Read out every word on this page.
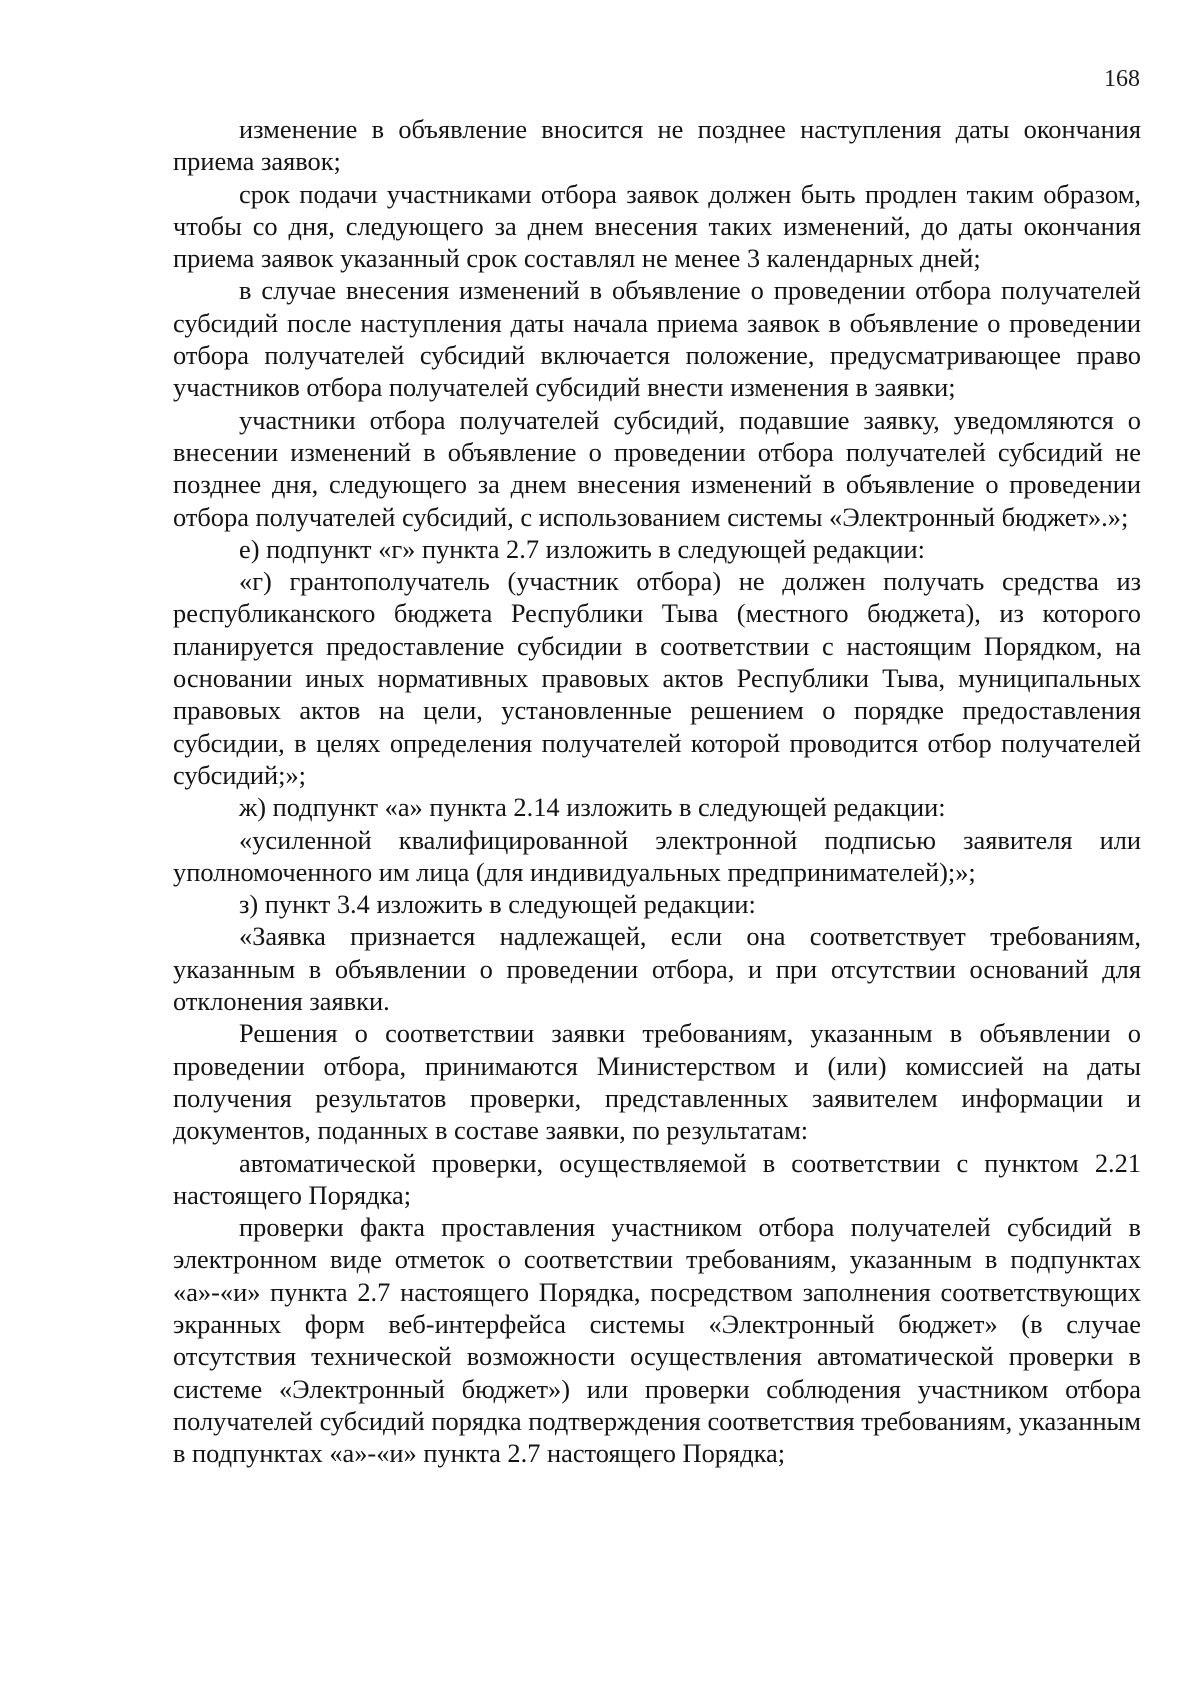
168

изменение в объявление вносится не позднее наступления даты окончания приема заявок;

срок подачи участниками отбора заявок должен быть продлен таким образом, чтобы со дня, следующего за днем внесения таких изменений, до даты окончания приема заявок указанный срок составлял не менее 3 календарных дней;

в случае внесения изменений в объявление о проведении отбора получателей субсидий после наступления даты начала приема заявок в объявление о проведении отбора получателей субсидий включается положение, предусматривающее право участников отбора получателей субсидий внести изменения в заявки;

участники отбора получателей субсидий, подавшие заявку, уведомляются о внесении изменений в объявление о проведении отбора получателей субсидий не позднее дня, следующего за днем внесения изменений в объявление о проведении отбора получателей субсидий, с использованием системы «Электронный бюджет».»;

е) подпункт «г» пункта 2.7 изложить в следующей редакции:

«г) грантополучатель (участник отбора) не должен получать средства из республиканского бюджета Республики Тыва (местного бюджета), из которого планируется предоставление субсидии в соответствии с настоящим Порядком, на основании иных нормативных правовых актов Республики Тыва, муниципальных правовых актов на цели, установленные решением о порядке предоставления субсидии, в целях определения получателей которой проводится отбор получателей субсидий;»;

ж) подпункт «а» пункта 2.14 изложить в следующей редакции:

«усиленной квалифицированной электронной подписью заявителя или уполномоченного им лица (для индивидуальных предпринимателей);»;

з) пункт 3.4 изложить в следующей редакции:

«Заявка признается надлежащей, если она соответствует требованиям, указанным в объявлении о проведении отбора, и при отсутствии оснований для отклонения заявки.

Решения о соответствии заявки требованиям, указанным в объявлении о проведении отбора, принимаются Министерством и (или) комиссией на даты получения результатов проверки, представленных заявителем информации и документов, поданных в составе заявки, по результатам:

автоматической проверки, осуществляемой в соответствии с пунктом 2.21 настоящего Порядка;

проверки факта проставления участником отбора получателей субсидий в электронном виде отметок о соответствии требованиям, указанным в подпунктах «а»-«и» пункта 2.7 настоящего Порядка, посредством заполнения соответствующих экранных форм веб-интерфейса системы «Электронный бюджет» (в случае отсутствия технической возможности осуществления автоматической проверки в системе «Электронный бюджет») или проверки соблюдения участником отбора получателей субсидий порядка подтверждения соответствия требованиям, указанным в подпунктах «а»-«и» пункта 2.7 настоящего Порядка;
